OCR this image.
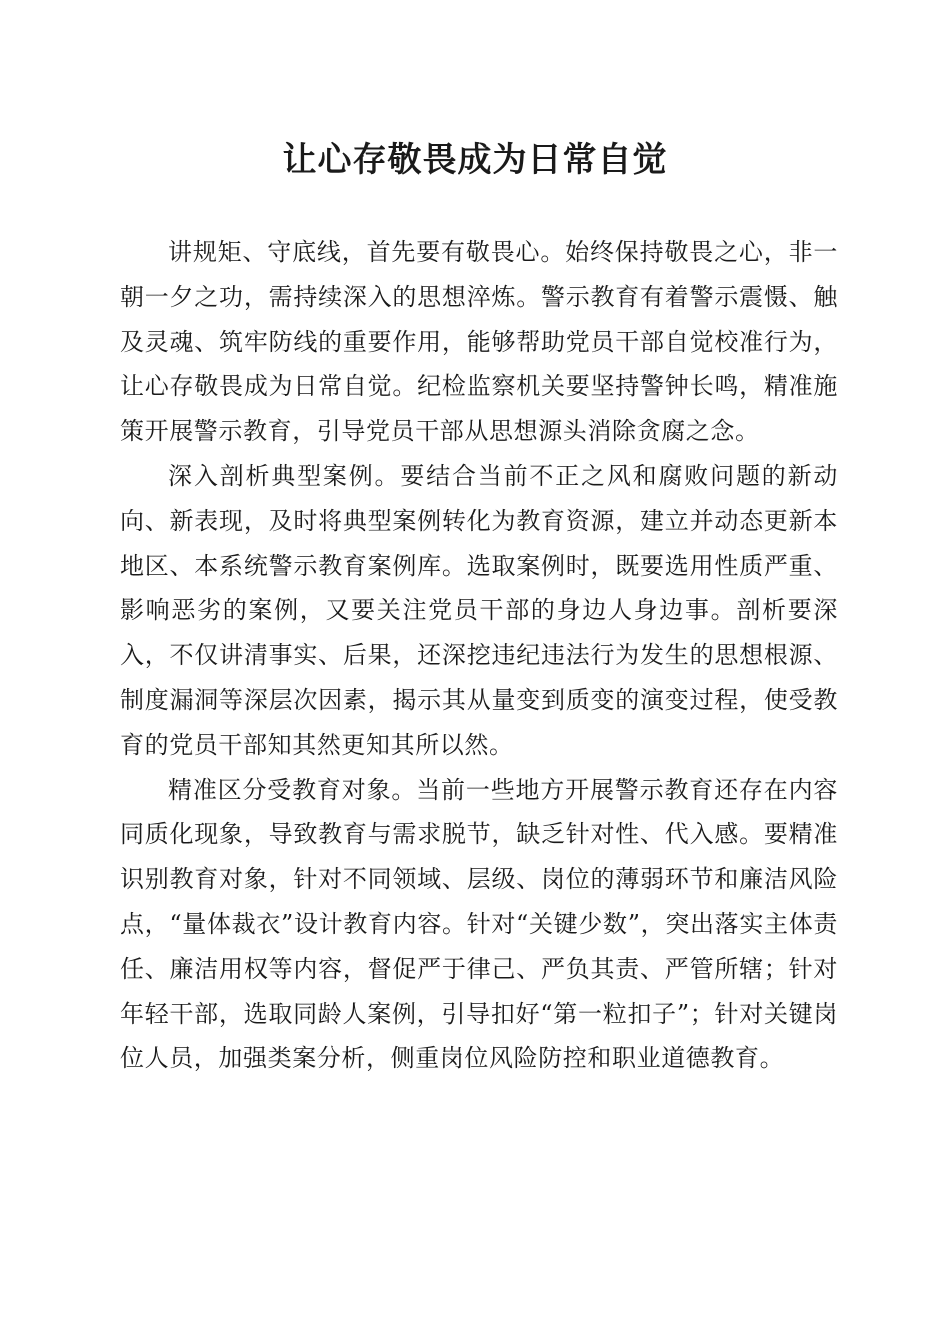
让心存敬畏成为日常自觉

讲规矩、守底线，首先要有敬畏心。始终保持敬畏之心，非一朝一夕之功，需持续深入的思想淬炼。警示教育有着警示震慑、触及灵魂、筑牢防线的重要作用，能够帮助党员干部自觉校准行为，让心存敬畏成为日常自觉。纪检监察机关要坚持警钟长鸣，精准施策开展警示教育，引导党员干部从思想源头消除贪腐之念。

深入剖析典型案例。要结合当前不正之风和腐败问题的新动向、新表现，及时将典型案例转化为教育资源，建立并动态更新本地区、本系统警示教育案例库。选取案例时，既要选用性质严重、影响恶劣的案例，又要关注党员干部的身边人身边事。剖析要深入，不仅讲清事实、后果，还深挖违纪违法行为发生的思想根源、制度漏洞等深层次因素，揭示其从量变到质变的演变过程，使受教育的党员干部知其然更知其所以然。

精准区分受教育对象。当前一些地方开展警示教育还存在内容同质化现象，导致教育与需求脱节，缺乏针对性、代入感。要精准识别教育对象，针对不同领域、层级、岗位的薄弱环节和廉洁风险点，“量体裁衣”设计教育内容。针对“关键少数”，突出落实主体责任、廉洁用权等内容，督促严于律己、严负其责、严管所辖；针对年轻干部，选取同龄人案例，引导扣好“第一粒扣子”；针对关键岗位人员，加强类案分析，侧重岗位风险防控和职业道德教育。
